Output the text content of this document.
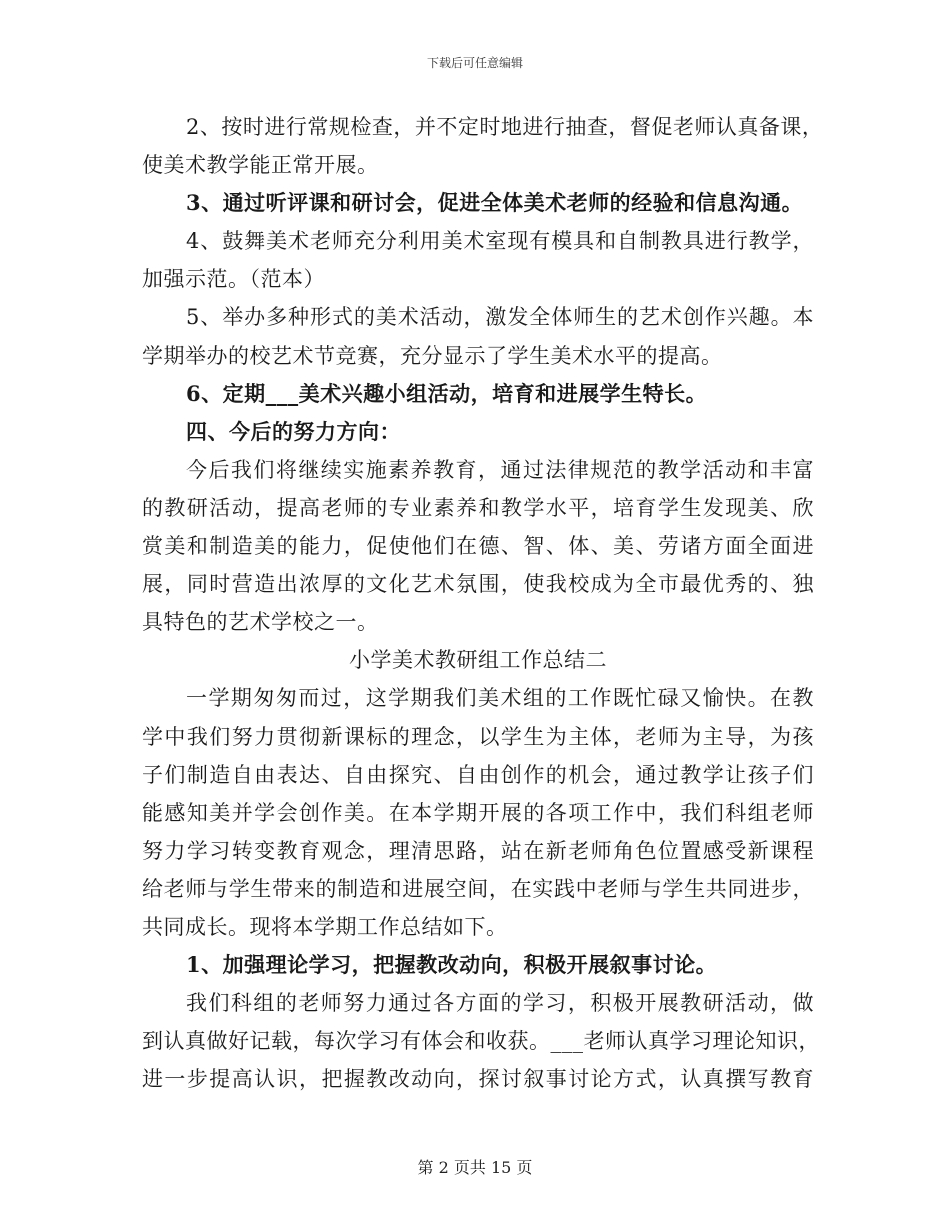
下载后可任意编辑
2、按时进行常规检查，并不定时地进行抽查，督促老师认真备课，
使美术教学能正常开展。
3、通过听评课和研讨会，促进全体美术老师的经验和信息沟通。
4、鼓舞美术老师充分利用美术室现有模具和自制教具进行教学，
加强示范。（范本）
5、举办多种形式的美术活动，激发全体师生的艺术创作兴趣。本
学期举办的校艺术节竞赛，充分显示了学生美术水平的提高。
6、定期___美术兴趣小组活动，培育和进展学生特长。
四、今后的努力方向：
今后我们将继续实施素养教育，通过法律规范的教学活动和丰富
的教研活动，提高老师的专业素养和教学水平，培育学生发现美、欣
赏美和制造美的能力，促使他们在德、智、体、美、劳诸方面全面进
展，同时营造出浓厚的文化艺术氛围，使我校成为全市最优秀的、独
具特色的艺术学校之一。
小学美术教研组工作总结二
一学期匆匆而过，这学期我们美术组的工作既忙碌又愉快。在教
学中我们努力贯彻新课标的理念，以学生为主体，老师为主导，为孩
子们制造自由表达、自由探究、自由创作的机会，通过教学让孩子们
能感知美并学会创作美。在本学期开展的各项工作中，我们科组老师
努力学习转变教育观念，理清思路，站在新老师角色位置感受新课程
给老师与学生带来的制造和进展空间，在实践中老师与学生共同进步，
共同成长。现将本学期工作总结如下。
1、加强理论学习，把握教改动向，积极开展叙事讨论。
我们科组的老师努力通过各方面的学习，积极开展教研活动，做
到认真做好记载，每次学习有体会和收获。___老师认真学习理论知识，
进一步提高认识，把握教改动向，探讨叙事讨论方式，认真撰写教育
第 2 页共 15 页
